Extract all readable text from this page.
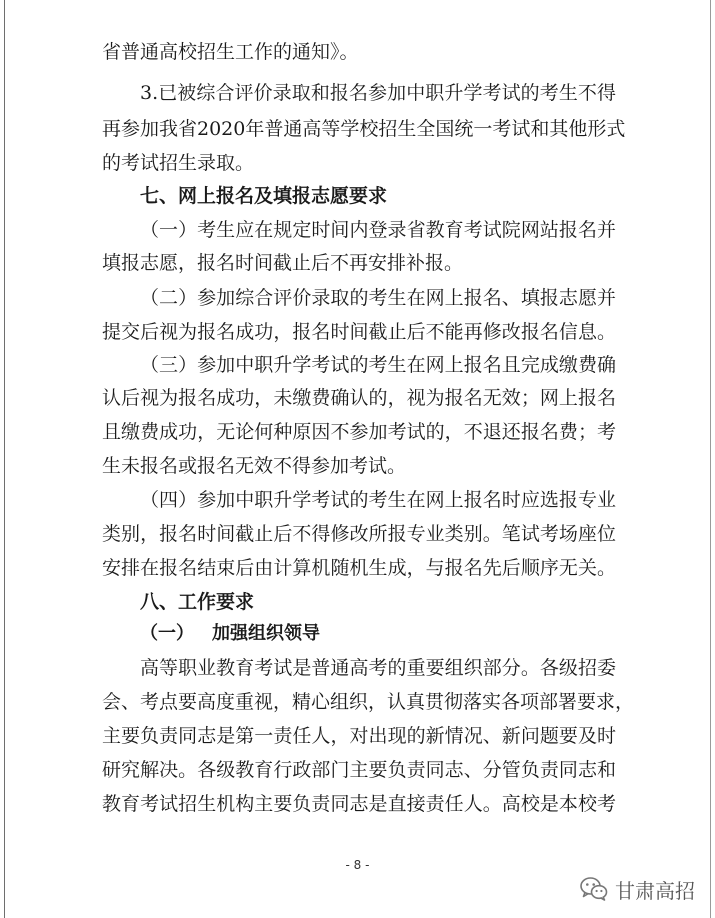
省普通高校招生工作的通知》。
3.已被综合评价录取和报名参加中职升学考试的考生不得
再参加我省2020年普通高等学校招生全国统一考试和其他形式
的考试招生录取。
七、网上报名及填报志愿要求
（一）考生应在规定时间内登录省教育考试院网站报名并
填报志愿，报名时间截止后不再安排补报。
（二）参加综合评价录取的考生在网上报名、填报志愿并
提交后视为报名成功，报名时间截止后不能再修改报名信息。
（三）参加中职升学考试的考生在网上报名且完成缴费确
认后视为报名成功，未缴费确认的，视为报名无效；网上报名
且缴费成功，无论何种原因不参加考试的，不退还报名费；考
生未报名或报名无效不得参加考试。
（四）参加中职升学考试的考生在网上报名时应选报专业
类别，报名时间截止后不得修改所报专业类别。笔试考场座位
安排在报名结束后由计算机随机生成，与报名先后顺序无关。
八、工作要求
（一） 加强组织领导
高等职业教育考试是普通高考的重要组织部分。各级招委
会、考点要高度重视，精心组织，认真贯彻落实各项部署要求，
主要负责同志是第一责任人，对出现的新情况、新问题要及时
研究解决。各级教育行政部门主要负责同志、分管负责同志和
教育考试招生机构主要负责同志是直接责任人。高校是本校考
- 8 -
甘肃高招
